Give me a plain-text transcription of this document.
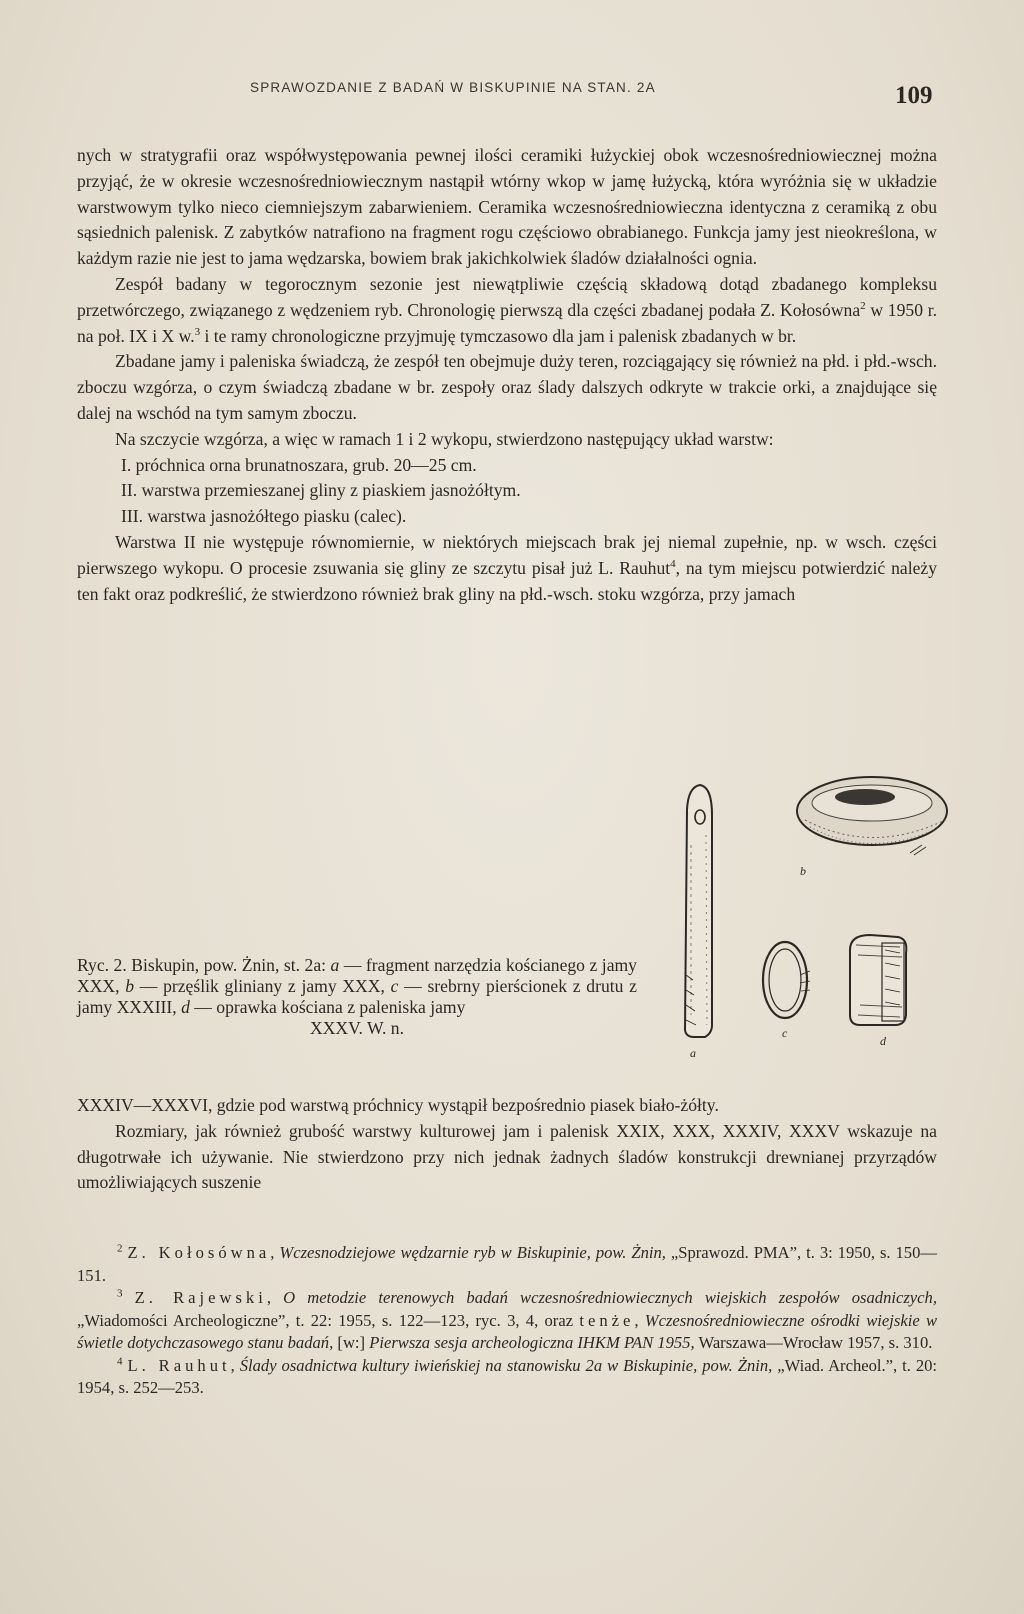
SPRAWOZDANIE Z BADAŃ W BISKUPINIE NA STAN. 2A	109

nych w stratygrafii oraz współwystępowania pewnej ilości ceramiki łużyckiej obok wczesnośredniowiecznej można przyjąć, że w okresie wczesnośredniowiecznym nastąpił wtórny wkop w jamę łużycką, która wyróżnia się w układzie warstwowym tylko nieco ciemniejszym zabarwieniem. Ceramika wczesnośredniowieczna identyczna z ceramiką z obu sąsiednich palenisk. Z zabytków natrafiono na fragment rogu częściowo obrabianego. Funkcja jamy jest nieokreślona, w każdym razie nie jest to jama wędzarska, bowiem brak jakichkolwiek śladów działalności ognia.

Zespół badany w tegorocznym sezonie jest niewątpliwie częścią składową dotąd zbadanego kompleksu przetwórczego, związanego z wędzeniem ryb. Chronologię pierwszą dla części zbadanej podała Z. Kołosówna$^2$ w 1950 r. na poł. IX i X w.$^3$ i te ramy chronologiczne przyjmuję tymczasowo dla jam i palenisk zbadanych w br.

Zbadane jamy i paleniska świadczą, że zespół ten obejmuje duży teren, rozciągający się również na płd. i płd.-wsch. zboczu wzgórza, o czym świadczą zbadane w br. zespoły oraz ślady dalszych odkryte w trakcie orki, a znajdujące się dalej na wschód na tym samym zboczu.

Na szczycie wzgórza, a więc w ramach 1 i 2 wykopu, stwierdzono następujący układ warstw:

I. próchnica orna brunatnoszara, grub. 20—25 cm.

II. warstwa przemieszanej gliny z piaskiem jasnożółtym.

III. warstwa jasnożółtego piasku (calec).

Warstwa II nie występuje równomiernie, w niektórych miejscach brak jej niemal zupełnie, np. w wsch. części pierwszego wykopu. O procesie zsuwania się gliny ze szczytu pisał już L. Rauhut$^4$, na tym miejscu potwierdzić należy ten fakt oraz podkreślić, że stwierdzono również brak gliny na płd.-wsch. stoku wzgórza, przy jamach

Ryc. 2. Biskupin, pow. Żnin, st. 2a: a — fragment narzędzia kościanego z jamy XXX, b — przęślik gliniany z jamy XXX, c — srebrny pierścionek z drutu z jamy XXXIII, d — oprawka kościana z paleniska jamy
XXXV. W. n.
a
b
c
d

XXXIV—XXXVI, gdzie pod warstwą próchnicy wystąpił bezpośrednio piasek biało-żółty.

Rozmiary, jak również grubość warstwy kulturowej jam i palenisk XXIX, XXX, XXXIV, XXXV wskazuje na długotrwałe ich używanie. Nie stwierdzono przy nich jednak żadnych śladów konstrukcji drewnianej przyrządów umożliwiających suszenie

$^2$ Z. Kołosówna, Wczesnodziejowe wędzarnie ryb w Biskupinie, pow. Żnin, „Sprawozd. PMA”, t. 3: 1950, s. 150—151.

$^3$ Z. Rajewski, O metodzie terenowych badań wczesnośredniowiecznych wiejskich zespołów osadniczych, „Wiadomości Archeologiczne”, t. 22: 1955, s. 122—123, ryc. 3, 4, oraz tenże, Wczesnośredniowieczne ośrodki wiejskie w świetle dotychczasowego stanu badań, [w:] Pierwsza sesja archeologiczna IHKM PAN 1955, Warszawa—Wrocław 1957, s. 310.

$^4$ L. Rauhut, Ślady osadnictwa kultury iwieńskiej na stanowisku 2a w Biskupinie, pow. Żnin, „Wiad. Archeol.”, t. 20: 1954, s. 252—253.
